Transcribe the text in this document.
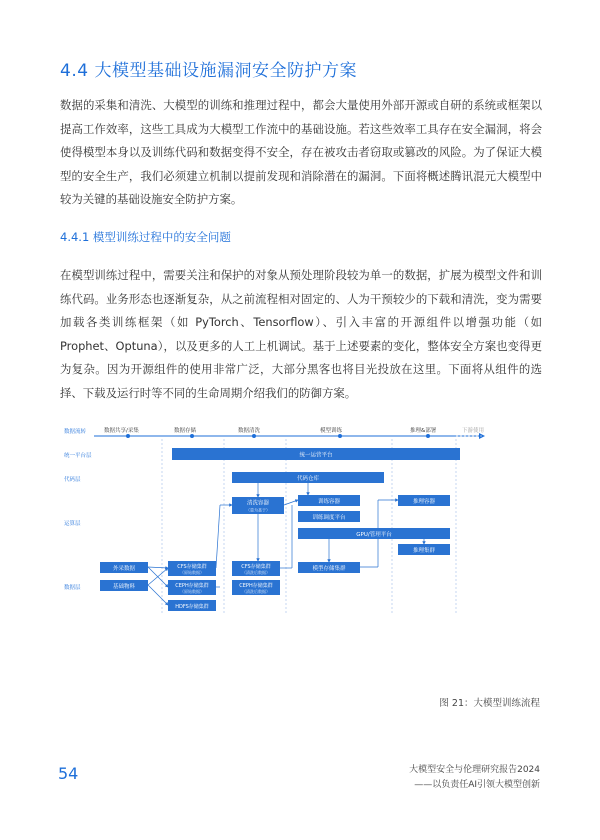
4.4 大模型基础设施漏洞安全防护方案

数据的采集和清洗、大模型的训练和推理过程中，都会大量使用外部开源或自研的系统或框架以提高工作效率，这些工具成为大模型工作流中的基础设施。若这些效率工具存在安全漏洞，将会使得模型本身以及训练代码和数据变得不安全，存在被攻击者窃取或篡改的风险。为了保证大模型的安全生产，我们必须建立机制以提前发现和消除潜在的漏洞。下面将概述腾讯混元大模型中较为关键的基础设施安全防护方案。

4.4.1 模型训练过程中的安全问题

在模型训练过程中，需要关注和保护的对象从预处理阶段较为单一的数据，扩展为模型文件和训练代码。业务形态也逐渐复杂，从之前流程相对固定的、人为干预较少的下载和清洗，变为需要加载各类训练框架（如 PyTorch、Tensorflow）、引入丰富的开源组件以增强功能（如 Prophet、Optuna），以及更多的人工上机调试。基于上述要素的变化，整体安全方案也变得更为复杂。因为开源组件的使用非常广泛，大部分黑客也将目光投放在这里。下面将从组件的选择、下载及运行时等不同的生命周期介绍我们的防御方案。

数据流转
统一平台层
代码层
运算层
数据层
数据共享/采集	数据存储	数据清洗	模型训练	推理&部署	下游使用
统一运营平台
代码仓库
清洗容器
（重为基于）
训练容器
训练调度平台
推理容器
GPU/管理平台
推理集群
模型存储集群
外采数据
基础物料
CFS存储集群
（原始数据）
CEPH存储集群
（原始数据）
HDFS存储集群
CFS存储集群
（清洗后数据）
CEPH存储集群
（清洗后数据）
图 21：大模型训练流程
54	大模型安全与伦理研究报告2024
——以负责任AI引领大模型创新
